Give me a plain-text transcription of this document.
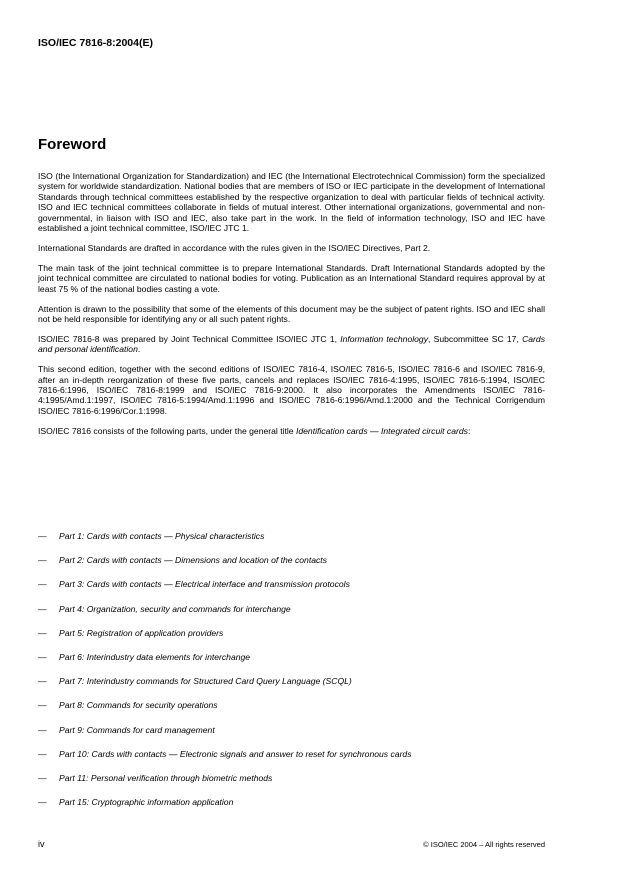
ISO/IEC 7816-8:2004(E)
Foreword

ISO (the International Organization for Standardization) and IEC (the International Electrotechnical Commission) form the specialized system for worldwide standardization. National bodies that are members of ISO or IEC participate in the development of International Standards through technical committees established by the respective organization to deal with particular fields of technical activity. ISO and IEC technical committees collaborate in fields of mutual interest. Other international organizations, governmental and non-governmental, in liaison with ISO and IEC, also take part in the work. In the field of information technology, ISO and IEC have established a joint technical committee, ISO/IEC JTC 1.

International Standards are drafted in accordance with the rules given in the ISO/IEC Directives, Part 2.

The main task of the joint technical committee is to prepare International Standards. Draft International Standards adopted by the joint technical committee are circulated to national bodies for voting. Publication as an International Standard requires approval by at least 75 % of the national bodies casting a vote.

Attention is drawn to the possibility that some of the elements of this document may be the subject of patent rights. ISO and IEC shall not be held responsible for identifying any or all such patent rights.

ISO/IEC 7816-8 was prepared by Joint Technical Committee ISO/IEC JTC 1, Information technology, Subcommittee SC 17, Cards and personal identification.

This second edition, together with the second editions of ISO/IEC 7816-4, ISO/IEC 7816-5, ISO/IEC 7816-6 and ISO/IEC 7816-9, after an in-depth reorganization of these five parts, cancels and replaces ISO/IEC 7816-4:1995, ISO/IEC 7816-5:1994, ISO/IEC 7816-6:1996, ISO/IEC 7816-8:1999 and ISO/IEC 7816-9:2000. It also incorporates the Amendments ISO/IEC 7816-4:1995/Amd.1:1997, ISO/IEC 7816-5:1994/Amd.1:1996 and ISO/IEC 7816-6:1996/Amd.1:2000 and the Technical Corrigendum ISO/IEC 7816-6:1996/Cor.1:1998.

ISO/IEC 7816 consists of the following parts, under the general title Identification cards — Integrated circuit cards:

—	Part 1: Cards with contacts — Physical characteristics
—	Part 2: Cards with contacts — Dimensions and location of the contacts
—	Part 3: Cards with contacts — Electrical interface and transmission protocols
—	Part 4: Organization, security and commands for interchange
—	Part 5: Registration of application providers
—	Part 6: Interindustry data elements for interchange
—	Part 7: Interindustry commands for Structured Card Query Language (SCQL)
—	Part 8: Commands for security operations
—	Part 9: Commands for card management
—	Part 10: Cards with contacts — Electronic signals and answer to reset for synchronous cards
—	Part 11: Personal verification through biometric methods
—	Part 15: Cryptographic information application
iv	© ISO/IEC 2004 – All rights reserved
